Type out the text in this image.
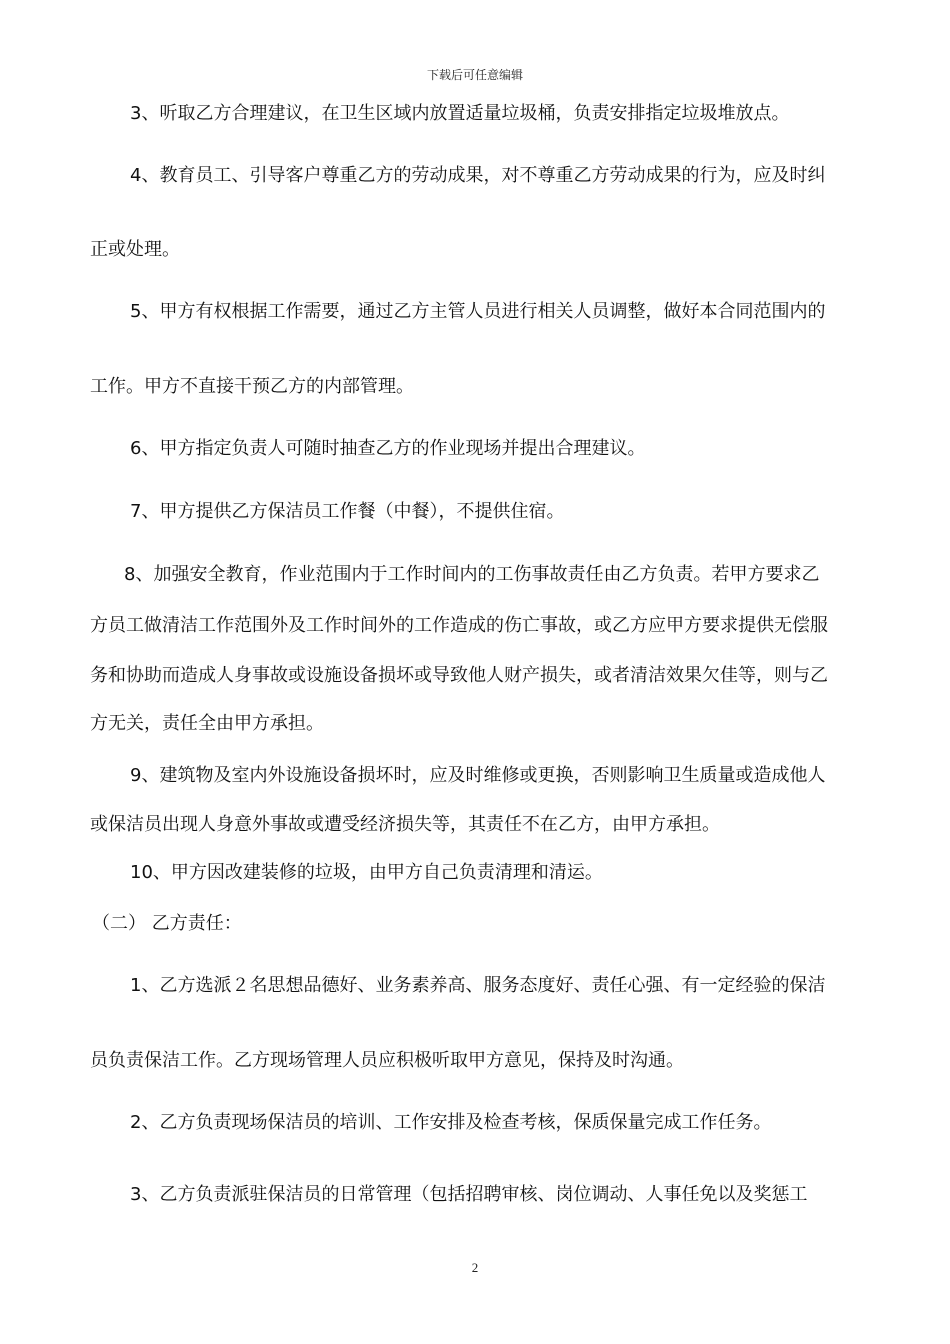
下载后可任意编辑
3、听取乙方合理建议，在卫生区域内放置适量垃圾桶，负责安排指定垃圾堆放点。
4、教育员工、引导客户尊重乙方的劳动成果，对不尊重乙方劳动成果的行为，应及时纠
正或处理。
5、甲方有权根据工作需要，通过乙方主管人员进行相关人员调整，做好本合同范围内的
工作。甲方不直接干预乙方的内部管理。
6、甲方指定负责人可随时抽查乙方的作业现场并提出合理建议。
7、甲方提供乙方保洁员工作餐（中餐），不提供住宿。
8、加强安全教育，作业范围内于工作时间内的工伤事故责任由乙方负责。若甲方要求乙
方员工做清洁工作范围外及工作时间外的工作造成的伤亡事故，或乙方应甲方要求提供无偿服
务和协助而造成人身事故或设施设备损坏或导致他人财产损失，或者清洁效果欠佳等，则与乙
方无关，责任全由甲方承担。
9、建筑物及室内外设施设备损坏时，应及时维修或更换，否则影响卫生质量或造成他人
或保洁员出现人身意外事故或遭受经济损失等，其责任不在乙方，由甲方承担。
10、甲方因改建装修的垃圾，由甲方自己负责清理和清运。
（二） 乙方责任：
1、乙方选派２名思想品德好、业务素养高、服务态度好、责任心强、有一定经验的保洁
员负责保洁工作。乙方现场管理人员应积极听取甲方意见，保持及时沟通。
2、乙方负责现场保洁员的培训、工作安排及检查考核，保质保量完成工作任务。
3、乙方负责派驻保洁员的日常管理（包括招聘审核、岗位调动、人事任免以及奖惩工
2
